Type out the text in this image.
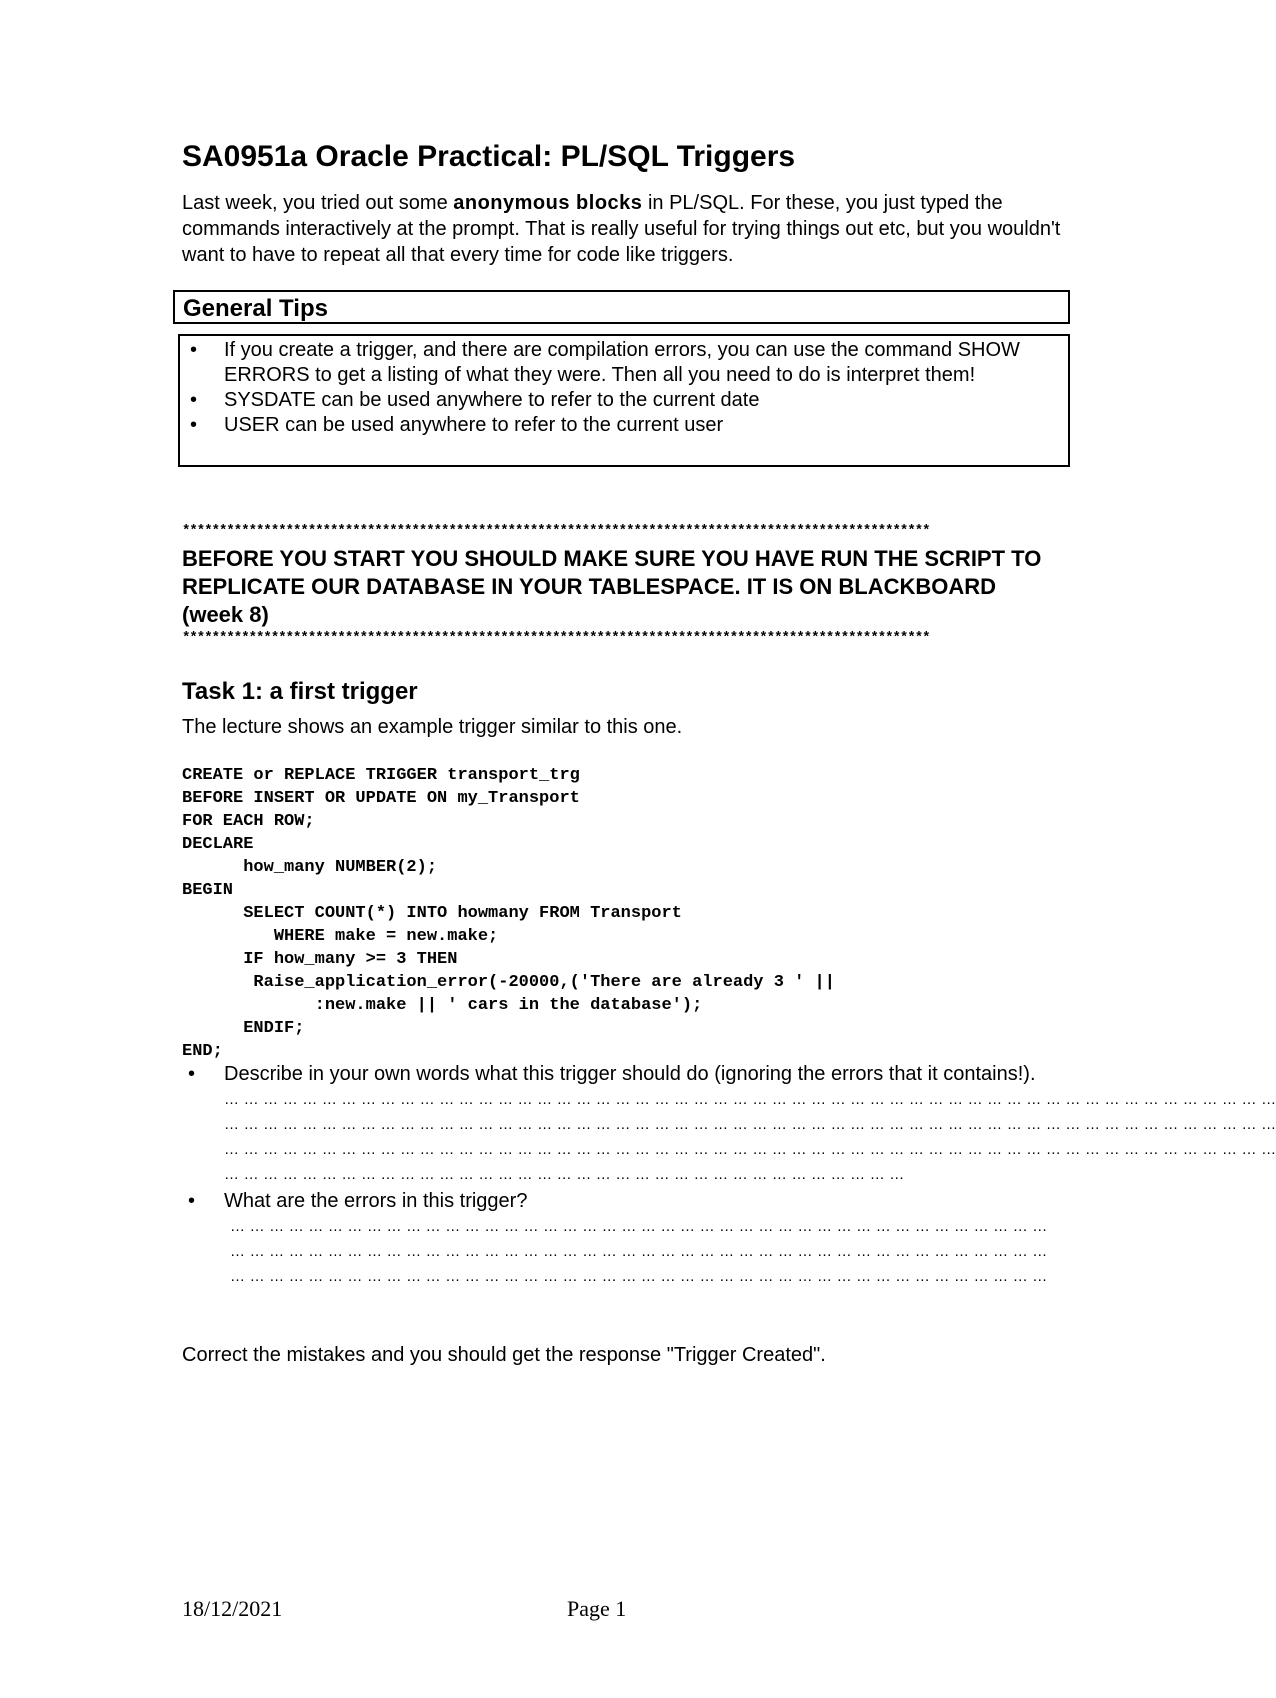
SA0951a Oracle Practical: PL/SQL Triggers
Last week, you tried out some anonymous blocks in PL/SQL. For these, you just typed the commands interactively at the prompt. That is really useful for trying things out etc, but you wouldn't want to have to repeat all that every time for code like triggers.
General Tips
• If you create a trigger, and there are compilation errors, you can use the command SHOW ERRORS to get a listing of what they were. Then all you need to do is interpret them!
• SYSDATE can be used anywhere to refer to the current date
• USER can be used anywhere to refer to the current user
*****************************************************************************************************
BEFORE YOU START YOU SHOULD MAKE SURE YOU HAVE RUN THE SCRIPT TO REPLICATE OUR DATABASE IN YOUR TABLESPACE. IT IS ON BLACKBOARD (week 8)
*****************************************************************************************************
Task 1: a first trigger
The lecture shows an example trigger similar to this one.
CREATE or REPLACE TRIGGER transport_trg
BEFORE INSERT OR UPDATE ON my_Transport
FOR EACH ROW;
DECLARE
how_many NUMBER(2);
BEGIN
SELECT COUNT(*) INTO howmany FROM Transport
WHERE make = new.make;
IF how_many >= 3 THEN
Raise_application_error(-20000,('There are already 3 ' ||
:new.make || ' cars in the database');
ENDIF;
END;
• Describe in your own words what this trigger should do (ignoring the errors that it contains!).
… … … … … … … … … … … … … … … … … … … … … … … … … … … … … … … … … … … … … … … … … … … … … … … … … … … … … …
… … … … … … … … … … … … … … … … … … … … … … … … … … … … … … … … … … … … … … … … … … … … … … … … … … … … … …
… … … … … … … … … … … … … … … … … … … … … … … … … … … … … … … … … … … … … … … … … … … … … … … … … … … … … …
… … … … … … … … … … … … … … … … … … … … … … … … … … … … … … … … … … …
• What are the errors in this trigger?
… … … … … … … … … … … … … … … … … … … … … … … … … … … … … … … … … … … … … … … … … …
… … … … … … … … … … … … … … … … … … … … … … … … … … … … … … … … … … … … … … … … … …
… … … … … … … … … … … … … … … … … … … … … … … … … … … … … … … … … … … … … … … … … …
Correct the mistakes and you should get the response "Trigger Created".
18/12/2021	Page 1
